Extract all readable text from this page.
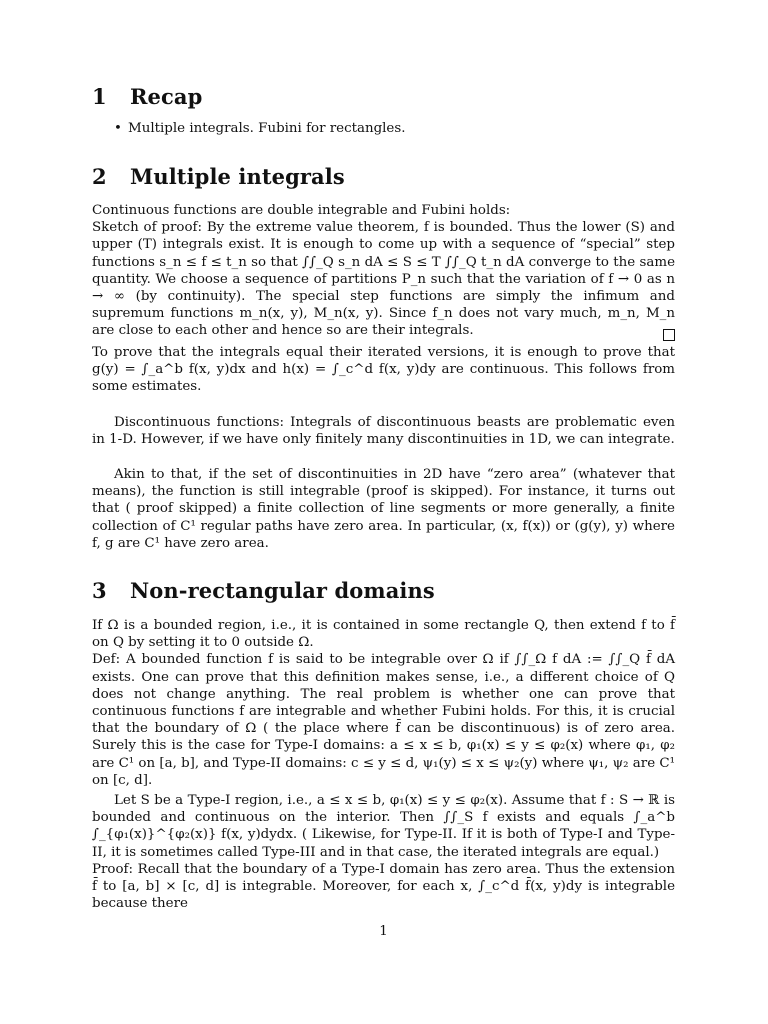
1 Recap
• Multiple integrals. Fubini for rectangles.
2 Multiple integrals

Continuous functions are double integrable and Fubini holds:

Sketch of proof: By the extreme value theorem, f is bounded. Thus the lower (S) and upper (T) integrals exist. It is enough to come up with a sequence of “special” step functions s_n ≤ f ≤ t_n so that ∫∫_Q s_n dA ≤ S ≤ T ∫∫_Q t_n dA converge to the same quantity. We choose a sequence of partitions P_n such that the variation of f → 0 as n → ∞ (by continuity). The special step functions are simply the infimum and supremum functions m_n(x, y), M_n(x, y). Since f_n does not vary much, m_n, M_n are close to each other and hence so are their integrals.

To prove that the integrals equal their iterated versions, it is enough to prove that g(y) = ∫_a^b f(x, y)dx and h(x) = ∫_c^d f(x, y)dy are continuous. This follows from some estimates.

Discontinuous functions: Integrals of discontinuous beasts are problematic even in 1-D. However, if we have only finitely many discontinuities in 1D, we can integrate.

Akin to that, if the set of discontinuities in 2D have “zero area” (whatever that means), the function is still integrable (proof is skipped). For instance, it turns out that ( proof skipped) a finite collection of line segments or more generally, a finite collection of C¹ regular paths have zero area. In particular, (x, f(x)) or (g(y), y) where f, g are C¹ have zero area.

3 Non-rectangular domains

If Ω is a bounded region, i.e., it is contained in some rectangle Q, then extend f to f̄ on Q by setting it to 0 outside Ω.

Def: A bounded function f is said to be integrable over Ω if ∫∫_Ω f dA := ∫∫_Q f̄ dA exists. One can prove that this definition makes sense, i.e., a different choice of Q does not change anything. The real problem is whether one can prove that continuous functions f are integrable and whether Fubini holds. For this, it is crucial that the boundary of Ω ( the place where f̄ can be discontinuous) is of zero area. Surely this is the case for Type-I domains: a ≤ x ≤ b, φ₁(x) ≤ y ≤ φ₂(x) where φ₁, φ₂ are C¹ on [a, b], and Type-II domains: c ≤ y ≤ d, ψ₁(y) ≤ x ≤ ψ₂(y) where ψ₁, ψ₂ are C¹ on [c, d].

Let S be a Type-I region, i.e., a ≤ x ≤ b, φ₁(x) ≤ y ≤ φ₂(x). Assume that f : S → ℝ is bounded and continuous on the interior. Then ∫∫_S f exists and equals ∫_a^b ∫_{φ₁(x)}^{φ₂(x)} f(x, y)dydx. ( Likewise, for Type-II. If it is both of Type-I and Type-II, it is sometimes called Type-III and in that case, the iterated integrals are equal.)

Proof: Recall that the boundary of a Type-I domain has zero area. Thus the extension f̄ to [a, b] × [c, d] is integrable. Moreover, for each x, ∫_c^d f̄(x, y)dy is integrable because there

1
